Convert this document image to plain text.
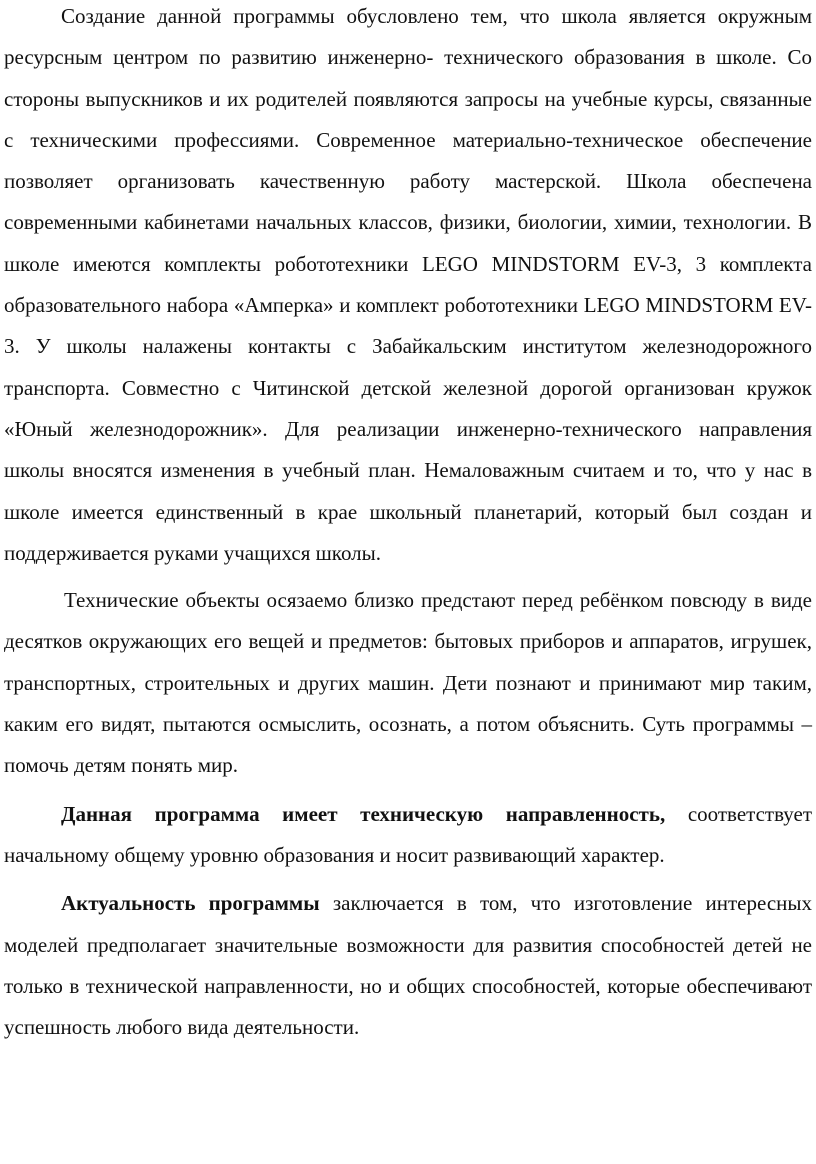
Создание данной программы обусловлено тем, что школа является окружным ресурсным центром по развитию инженерно- технического образования в школе. Со стороны выпускников и их родителей появляются запросы на учебные курсы, связанные с техническими профессиями. Современное материально-техническое обеспечение позволяет организовать качественную работу мастерской. Школа обеспечена современными кабинетами начальных классов, физики, биологии, химии, технологии. В школе имеются комплекты робототехники LEGO MINDSTORM EV-3, 3 комплекта образовательного набора «Амперка» и комплект робототехники LEGO MINDSTORM EV-3. У школы налажены контакты с Забайкальским институтом железнодорожного транспорта. Совместно с Читинской детской железной дорогой организован кружок «Юный железнодорожник». Для реализации инженерно-технического направления школы вносятся изменения в учебный план. Немаловажным считаем и то, что у нас в школе имеется единственный в крае школьный планетарий, который был создан и поддерживается руками учащихся школы.

Технические объекты осязаемо близко предстают перед ребёнком повсюду в виде десятков окружающих его вещей и предметов: бытовых приборов и аппаратов, игрушек, транспортных, строительных и других машин. Дети познают и принимают мир таким, каким его видят, пытаются осмыслить, осознать, а потом объяснить. Суть программы – помочь детям понять мир.

Данная программа имеет техническую направленность, соответствует начальному общему уровню образования и носит развивающий характер.

Актуальность программы заключается в том, что изготовление интересных моделей предполагает значительные возможности для развития способностей детей не только в технической направленности, но и общих способностей, которые обеспечивают успешность любого вида деятельности.
